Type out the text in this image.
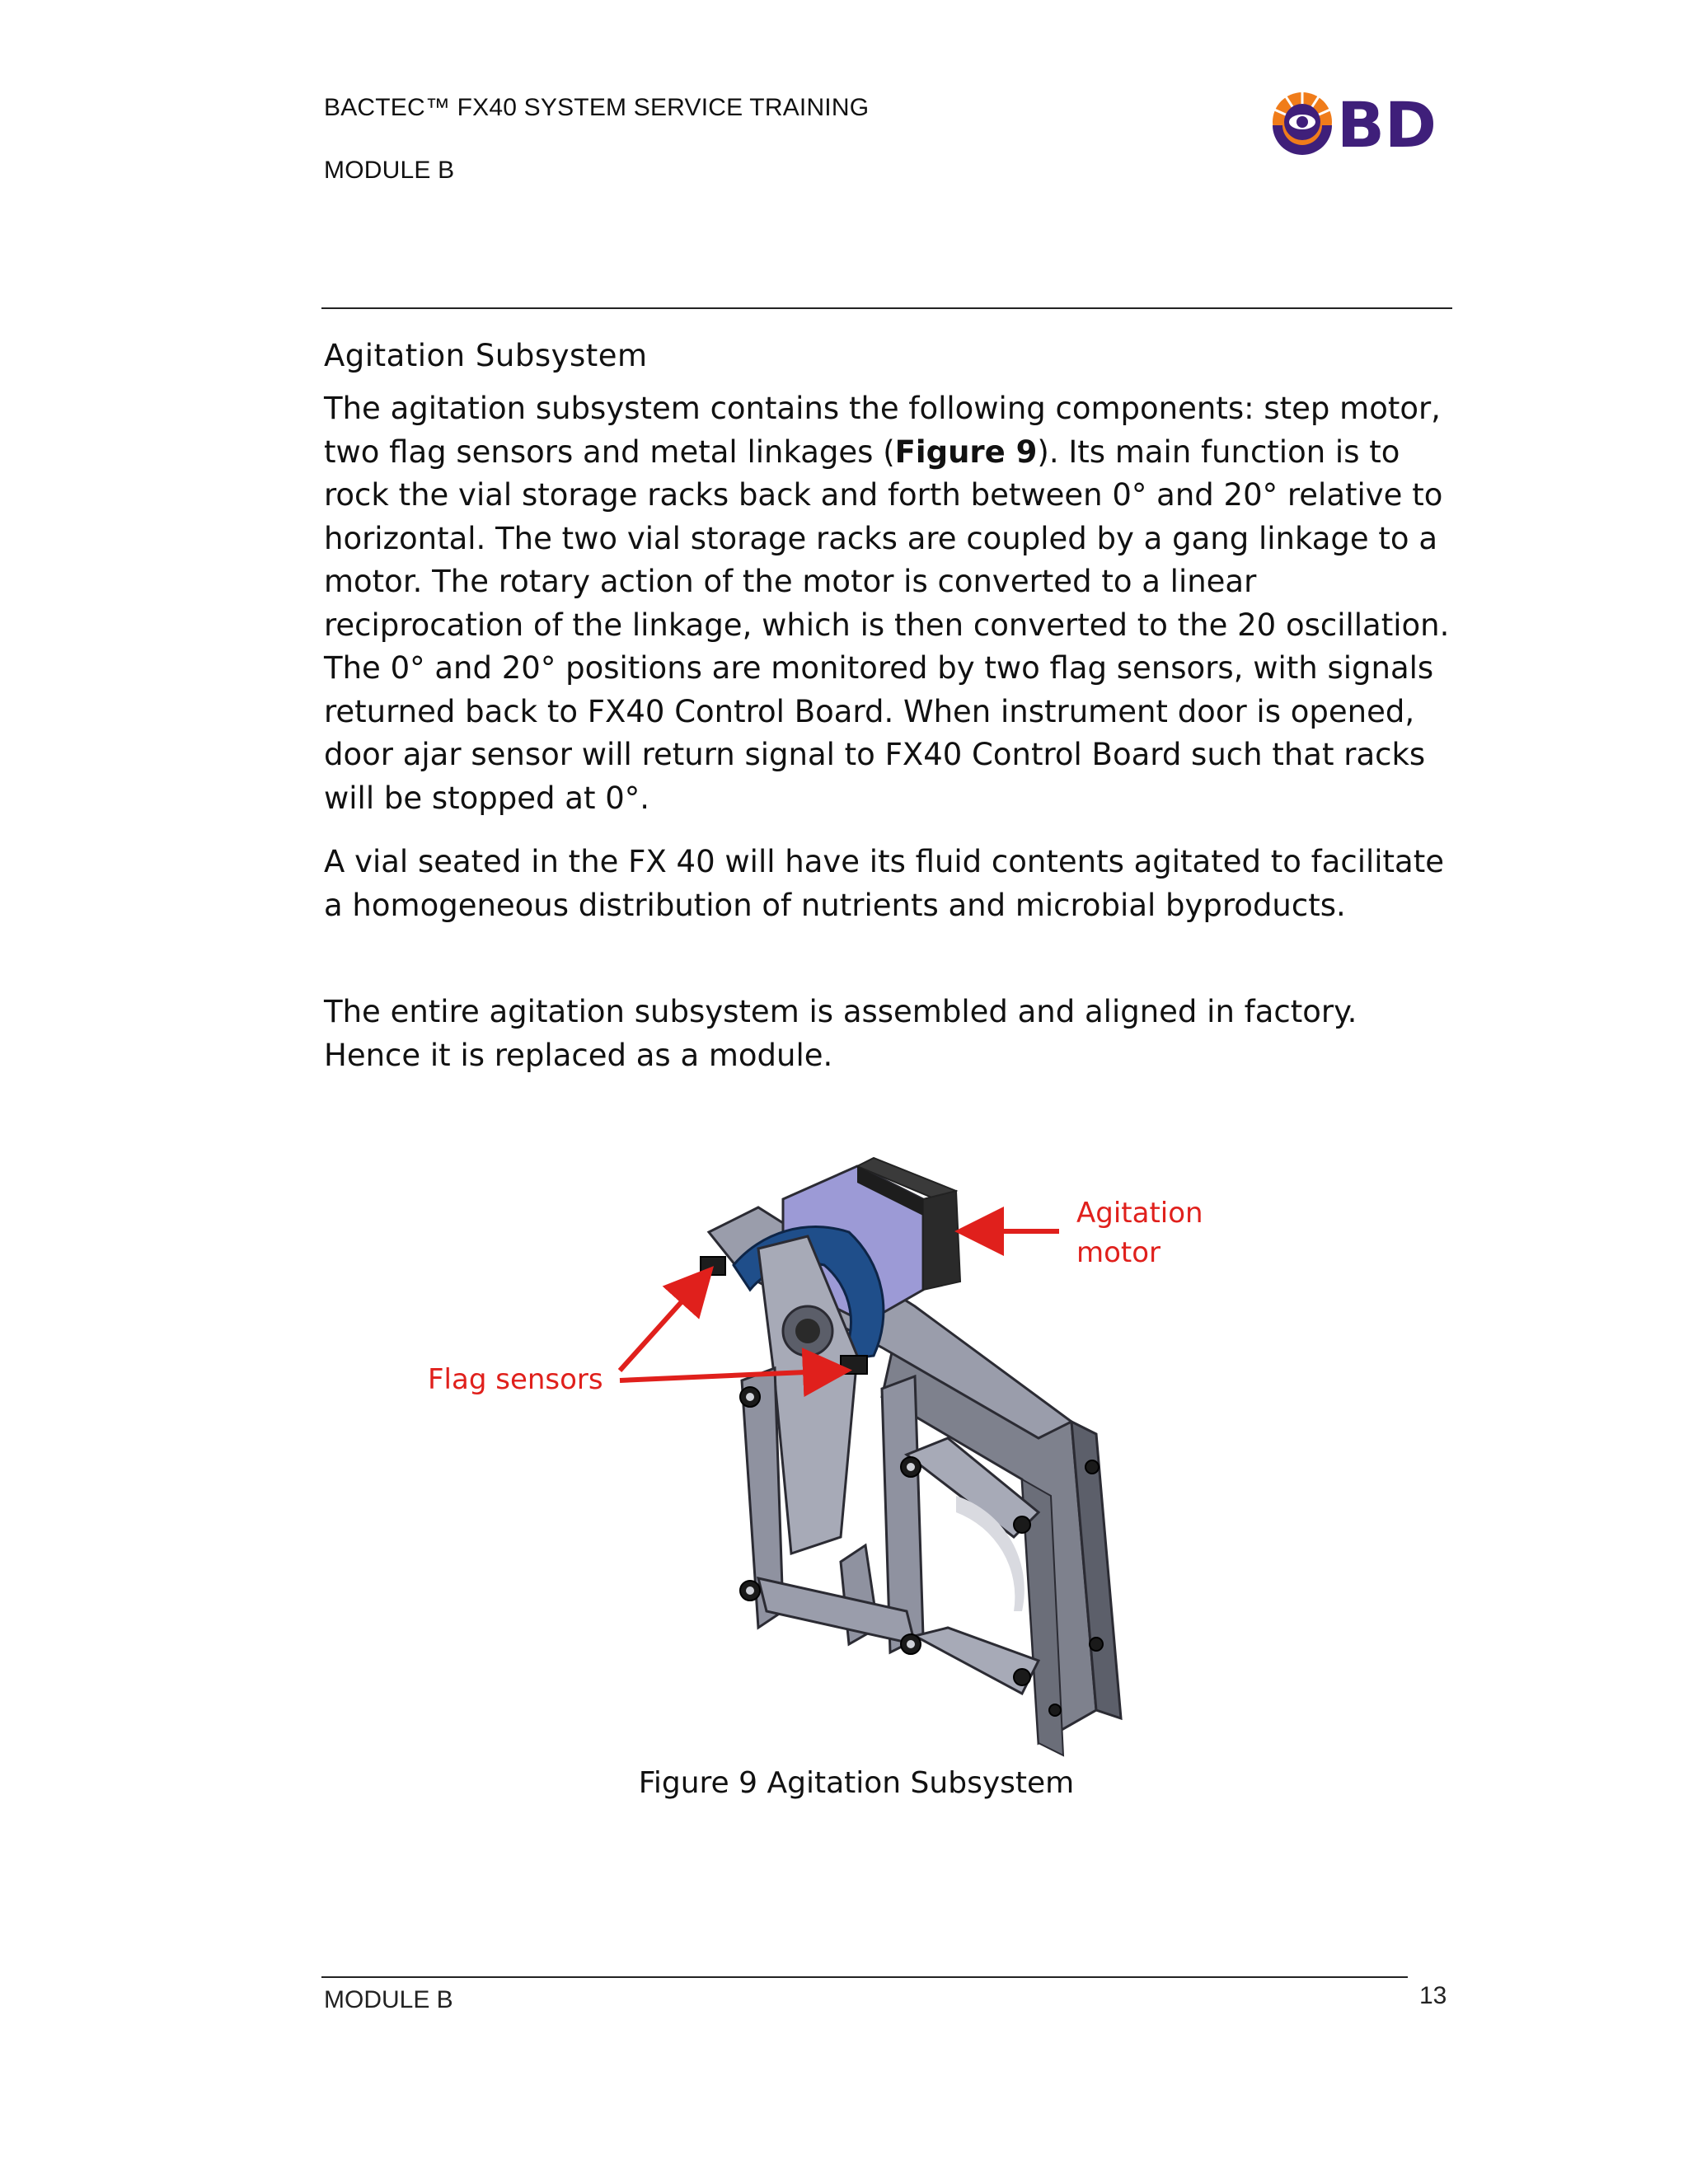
BACTEC™ FX40 SYSTEM SERVICE TRAINING
MODULE B
BD
Agitation Subsystem
The agitation subsystem contains the following components: step motor, two flag sensors and metal linkages (Figure 9). Its main function is to rock the vial storage racks back and forth between 0° and 20° relative to horizontal. The two vial storage racks are coupled by a gang linkage to a motor. The rotary action of the motor is converted to a linear reciprocation of the linkage, which is then converted to the 20 oscillation. The 0° and 20° positions are monitored by two flag sensors, with signals returned back to FX40 Control Board. When instrument door is opened, door ajar sensor will return signal to FX40 Control Board such that racks will be stopped at 0°.
A vial seated in the FX 40 will have its fluid contents agitated to facilitate a homogeneous distribution of nutrients and microbial byproducts.
The entire agitation subsystem is assembled and aligned in factory. Hence it is replaced as a module.
Agitation
motor
Flag sensors
Figure 9 Agitation Subsystem
MODULE B	13
